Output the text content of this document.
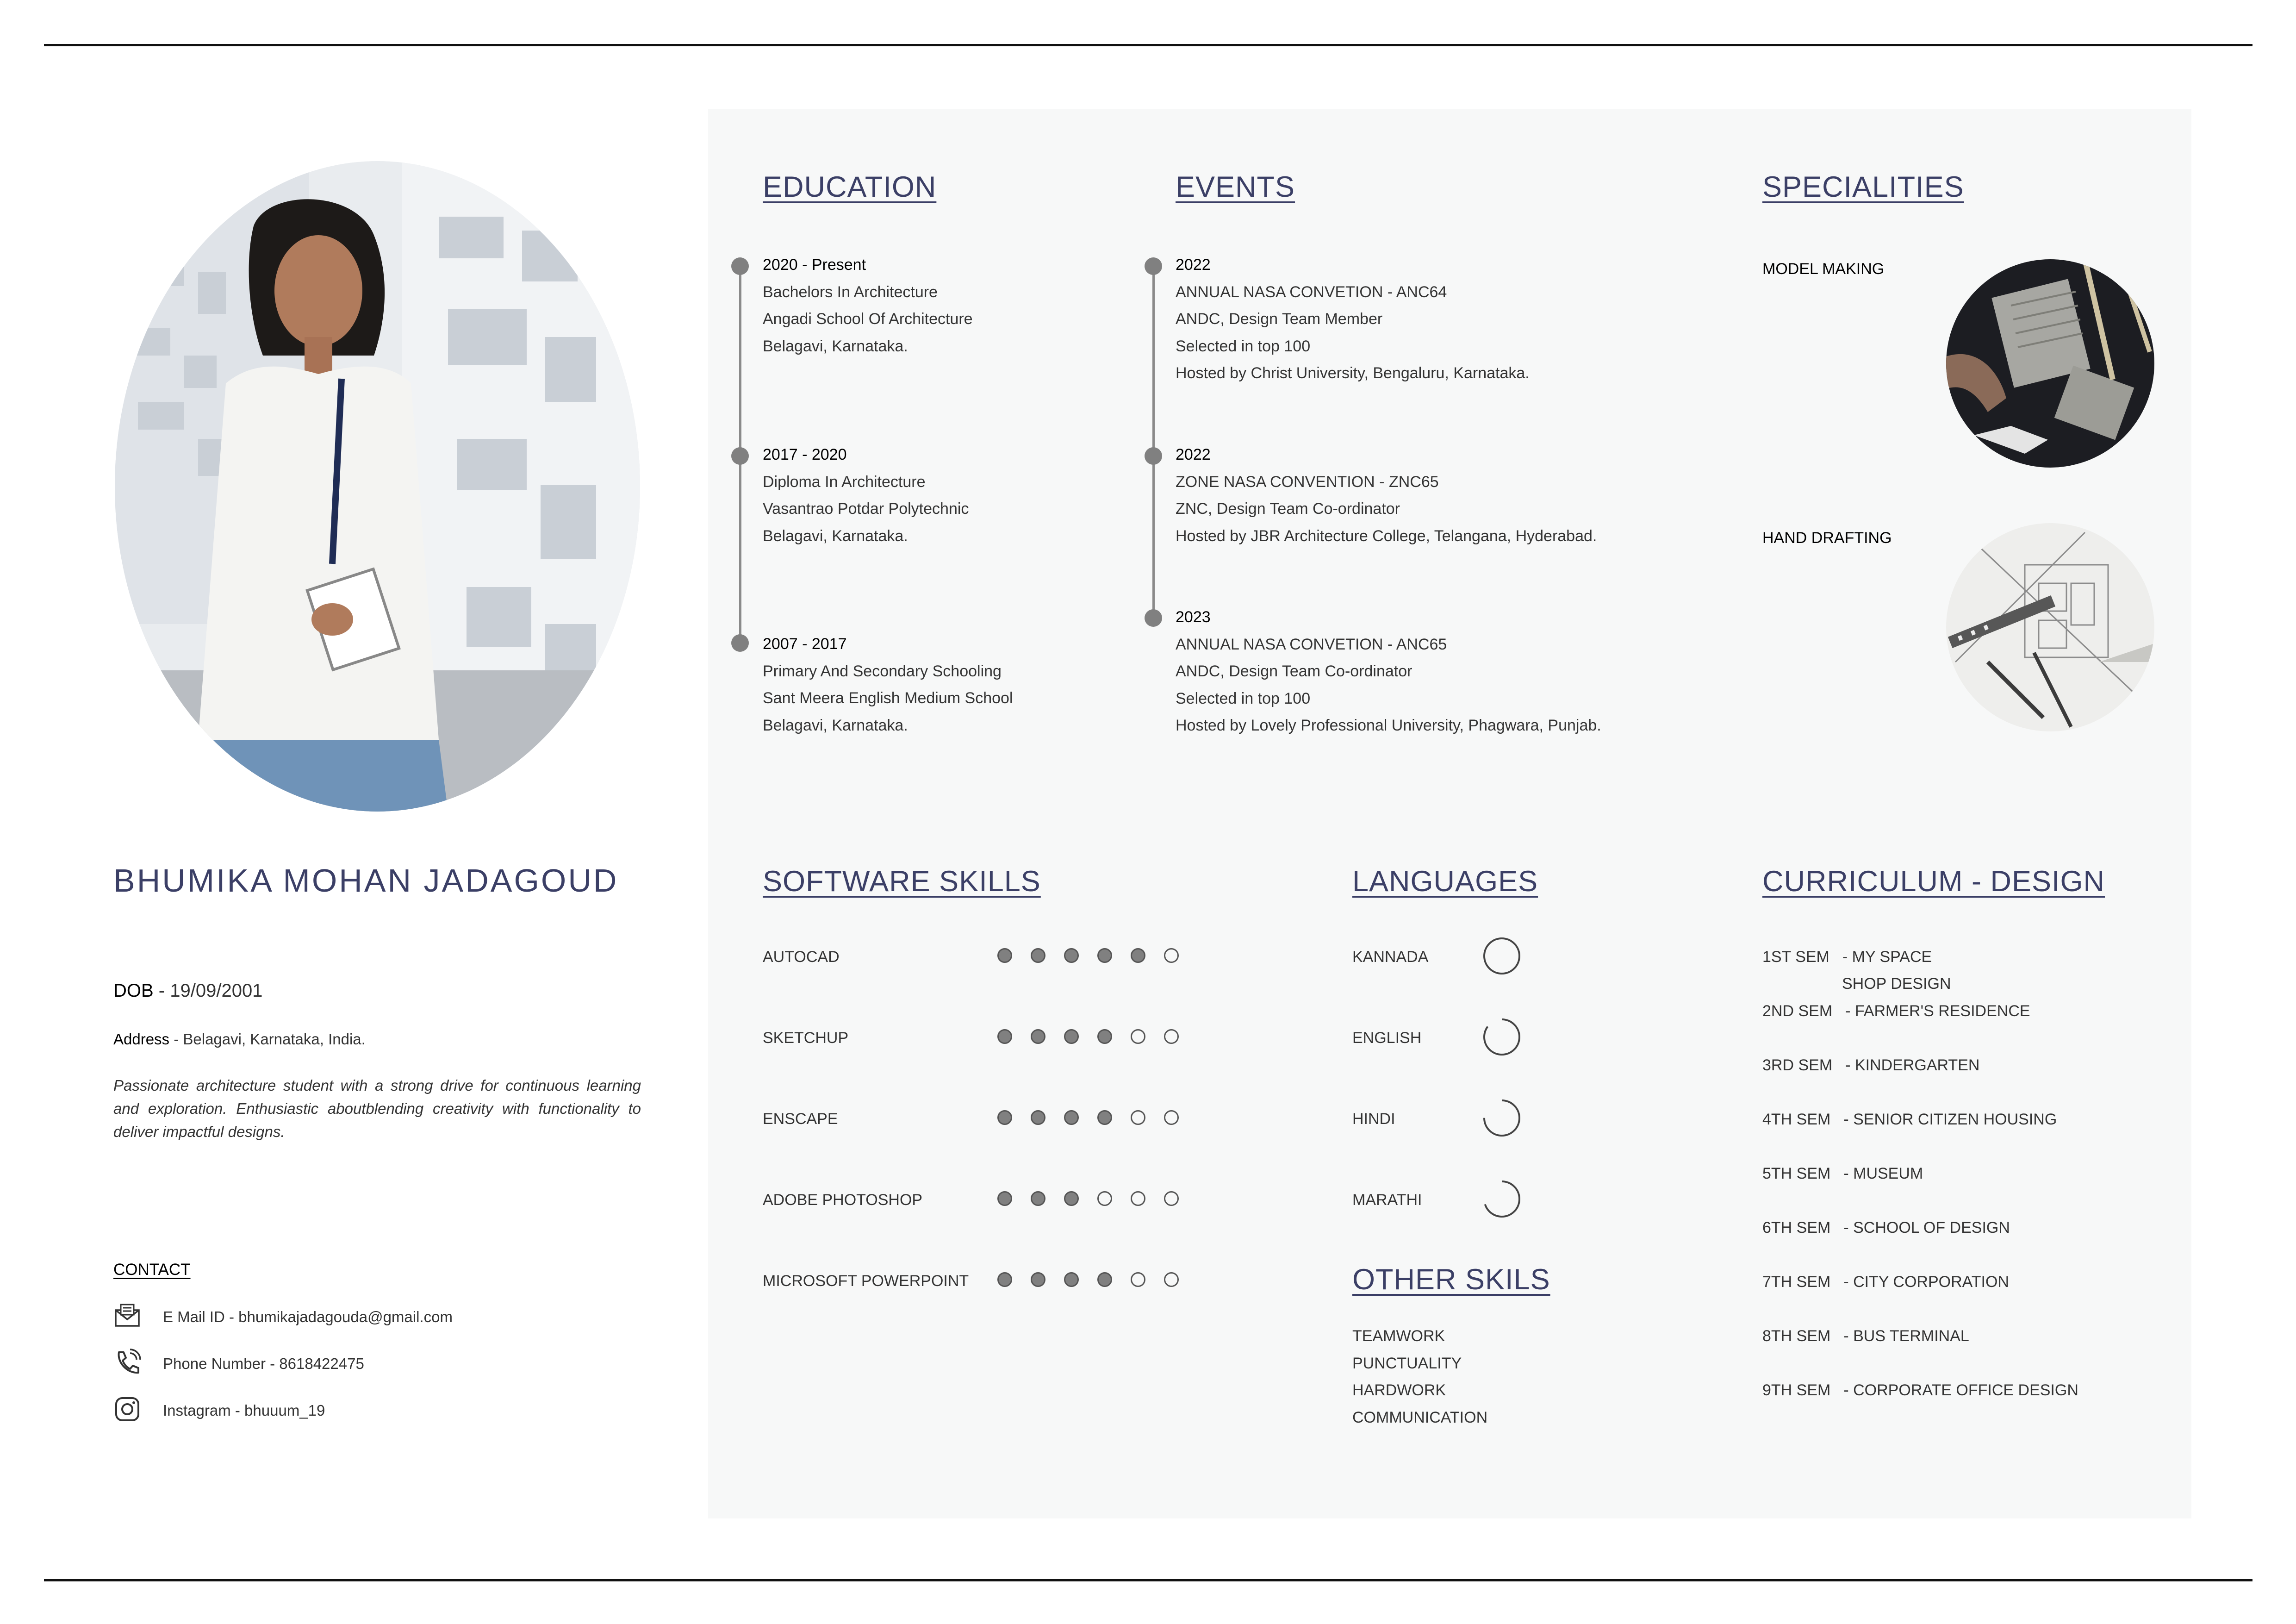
BHUMIKA MOHAN JADAGOUD
DOB - 19/09/2001
Address - Belagavi, Karnataka, India.
Passionate architecture student with a strong drive for continuous learning and exploration. Enthusiastic aboutblending creativity with functionality to deliver impactful designs.
CONTACT
E Mail ID - bhumikajadagouda@gmail.com
Phone Number - 8618422475
Instagram - bhuuum_19
EDUCATION
2020 - Present
Bachelors In Architecture
Angadi School Of Architecture
Belagavi, Karnataka.
2017 - 2020
Diploma In Architecture
Vasantrao Potdar Polytechnic
Belagavi, Karnataka.
2007 - 2017
Primary And Secondary Schooling
Sant Meera English Medium School
Belagavi, Karnataka.
EVENTS
2022
ANNUAL NASA CONVETION - ANC64
ANDC, Design Team Member
Selected in top 100
Hosted by Christ University, Bengaluru, Karnataka.
2022
ZONE NASA CONVENTION - ZNC65
ZNC, Design Team Co-ordinator
Hosted by JBR Architecture College, Telangana, Hyderabad.
2023
ANNUAL NASA CONVETION - ANC65
ANDC, Design Team Co-ordinator
Selected in top 100
Hosted by Lovely Professional University, Phagwara, Punjab.
SPECIALITIES
MODEL MAKING
HAND DRAFTING
SOFTWARE SKILLS
AUTOCAD
SKETCHUP
ENSCAPE
ADOBE PHOTOSHOP
MICROSOFT POWERPOINT
LANGUAGES
KANNADA
ENGLISH
HINDI
MARATHI
OTHER SKILS
TEAMWORK
PUNCTUALITY
HARDWORK
COMMUNICATION
CURRICULUM - DESIGN
1ST SEM - MY SPACE
SHOP DESIGN
2ND SEM - FARMER'S RESIDENCE
3RD SEM - KINDERGARTEN
4TH SEM - SENIOR CITIZEN HOUSING
5TH SEM - MUSEUM
6TH SEM - SCHOOL OF DESIGN
7TH SEM - CITY CORPORATION
8TH SEM - BUS TERMINAL
9TH SEM - CORPORATE OFFICE DESIGN
